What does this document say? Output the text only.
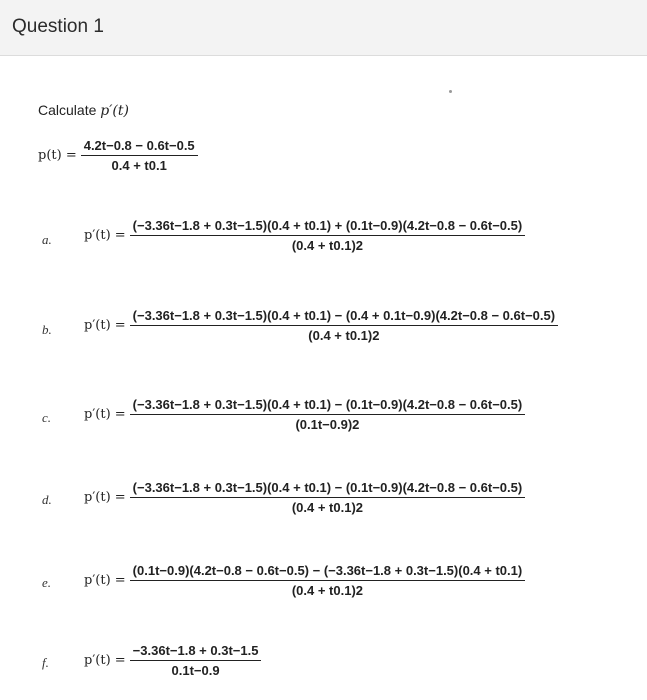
Question 1
Calculate p′(t)
$p(t) = \frac{4.2t-0.8 - 0.6t-0.5}{0.4 + t0.1}$
a. p′(t) =
(−3.36t−1.8 + 0.3t−1.5)(0.4 + t0.1) + (0.1t−0.9)(4.2t−0.8 − 0.6t−0.5)
(0.4 + t0.1)2
b. p′(t) =
(−3.36t−1.8 + 0.3t−1.5)(0.4 + t0.1) − (0.4 + 0.1t−0.9)(4.2t−0.8 − 0.6t−0.5)
(0.4 + t0.1)2
c.	p′(t) =
(−3.36t−1.8 + 0.3t−1.5)(0.4 + t0.1) − (0.1t−0.9)(4.2t−0.8 − 0.6t−0.5)
(0.1t−0.9)2
d. p′(t) =
(−3.36t−1.8 + 0.3t−1.5)(0.4 + t0.1) − (0.1t−0.9)(4.2t−0.8 − 0.6t−0.5)
(0.4 + t0.1)2
e.	p′(t) =
(0.1t−0.9)(4.2t−0.8 − 0.6t−0.5) − (−3.36t−1.8 + 0.3t−1.5)(0.4 + t0.1)
(0.4 + t0.1)2
f.	$p'(t) = \frac{-3.36t-1.8 + 0.3t-1.5}{0.1t-0.9}$
